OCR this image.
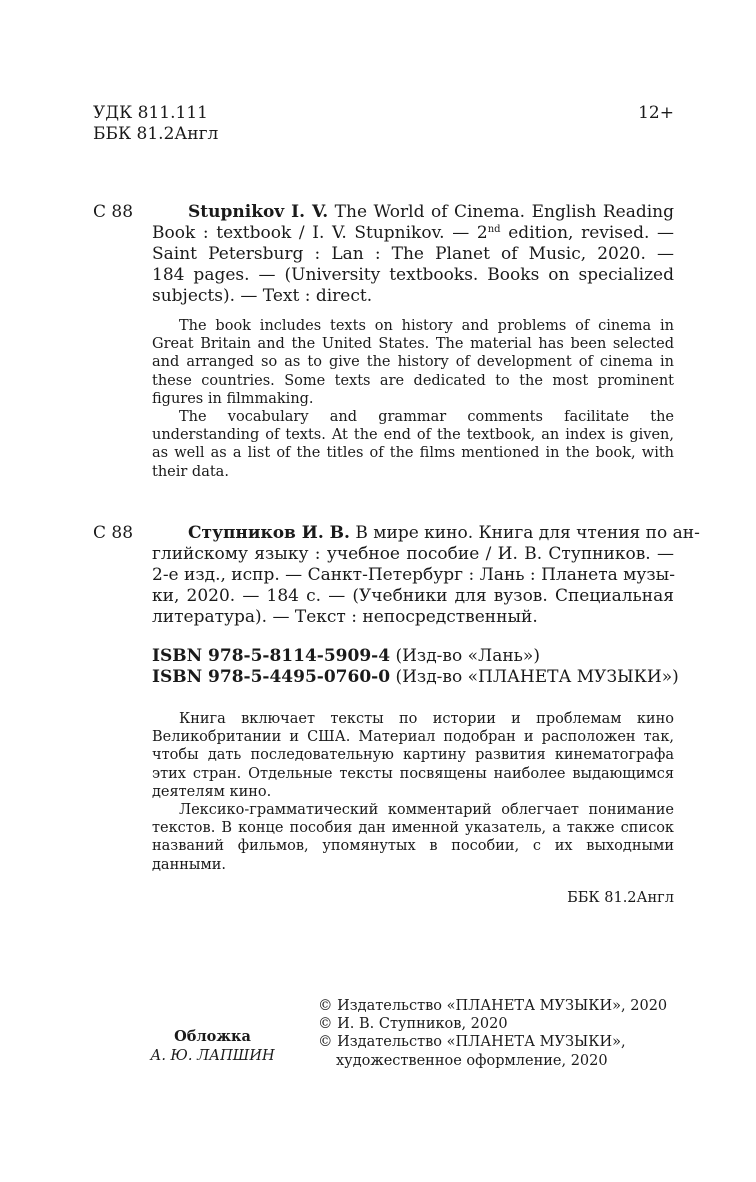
УДК 811.111
ББК 81.2Англ
12+
С 88	Stupnikov I. V. The World of Cinema. English Reading
Book : textbook / I. V. Stupnikov. — 2nd edition, revised. —
Saint Petersburg : Lan : The Planet of Music, 2020. —
184 pages. — (University textbooks. Books on specialized
subjects). — Text : direct.
The book includes texts on history and problems of cinema in Great Britain and the United States. The material has been selected and arranged so as to give the history of development of cinema in these countries. Some texts are dedicated to the most prominent figures in filmmaking.
The vocabulary and grammar comments facilitate the understanding of texts. At the end of the textbook, an index is given, as well as a list of the titles of the films mentioned in the book, with their data.
С 88	Ступников И. В. В мире кино. Книга для чтения по ан-
глийскому языку : учебное пособие / И. В. Ступников. —
2-е изд., испр. — Санкт-Петербург : Лань : Планета музы-
ки, 2020. — 184 с. — (Учебники для вузов. Специальная
литература). — Текст : непосредственный.
ISBN 978-5-8114-5909-4 (Изд-во «Лань»)
ISBN 978-5-4495-0760-0 (Изд-во «ПЛАНЕТА МУЗЫКИ»)
Книга включает тексты по истории и проблемам кино Великобритании и США. Материал подобран и расположен так, чтобы дать последовательную картину развития кинематографа этих стран. Отдельные тексты посвящены наиболее выдающимся деятелям кино.
Лексико-грамматический комментарий облегчает понимание текстов. В конце пособия дан именной указатель, а также список названий фильмов, упомянутых в пособии, с их выходными данными.
ББК 81.2Англ
Обложка
А. Ю. ЛАПШИН
© Издательство «ПЛАНЕТА МУЗЫКИ», 2020
© И. В. Ступников, 2020
© Издательство «ПЛАНЕТА МУЗЫКИ»,
художественное оформление, 2020
